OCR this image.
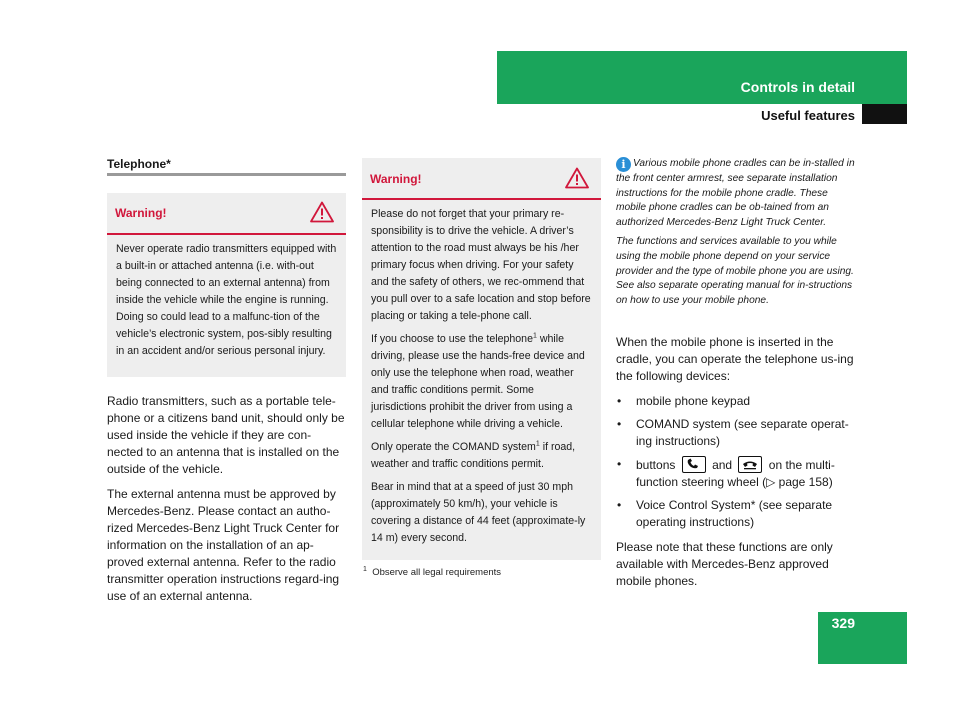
Controls in detail
Useful features
Telephone*
Warning!
Never operate radio transmitters equipped with a built-in or attached antenna (i.e. with-out being connected to an external antenna) from inside the vehicle while the engine is running. Doing so could lead to a malfunc-tion of the vehicle’s electronic system, pos-sibly resulting in an accident and/or serious personal injury.

Radio transmitters, such as a portable tele-phone or a citizens band unit, should only be used inside the vehicle if they are con-nected to an antenna that is installed on the outside of the vehicle.

The external antenna must be approved by Mercedes-Benz. Please contact an autho-rized Mercedes-Benz Light Truck Center for information on the installation of an ap-proved external antenna. Refer to the radio transmitter operation instructions regard-ing use of an external antenna.

Warning!

Please do not forget that your primary re-sponsibility is to drive the vehicle. A driver’s attention to the road must always be his /her primary focus when driving. For your safety and the safety of others, we rec-ommend that you pull over to a safe location and stop before placing or taking a tele-phone call.

If you choose to use the telephone$^1$ while driving, please use the hands-free device and only use the telephone when road, weather and traffic conditions permit. Some jurisdictions prohibit the driver from using a cellular telephone while driving a vehicle.

Only operate the COMAND system$^1$ if road, weather and traffic conditions permit.

Bear in mind that at a speed of just 30 mph (approximately 50 km/h), your vehicle is covering a distance of 44 feet (approximate-ly 14 m) every second.

$^1$ Observe all legal requirements

i Various mobile phone cradles can be in-stalled in the front center armrest, see separate installation instructions for the mobile phone cradle. These mobile phone cradles can be ob-tained from an authorized Mercedes-Benz Light Truck Center.

The functions and services available to you while using the mobile phone depend on your service provider and the type of mobile phone you are using. See also separate operating manual for in-structions on how to use your mobile phone.

When the mobile phone is inserted in the cradle, you can operate the telephone us-ing the following devices:

• mobile phone keypad
• COMAND system (see separate operat-ing instructions)
• buttons	and	on the multi-function steering wheel (▷ page 158)
• Voice Control System* (see separate operating instructions)

Please note that these functions are only available with Mercedes-Benz approved mobile phones.

329
